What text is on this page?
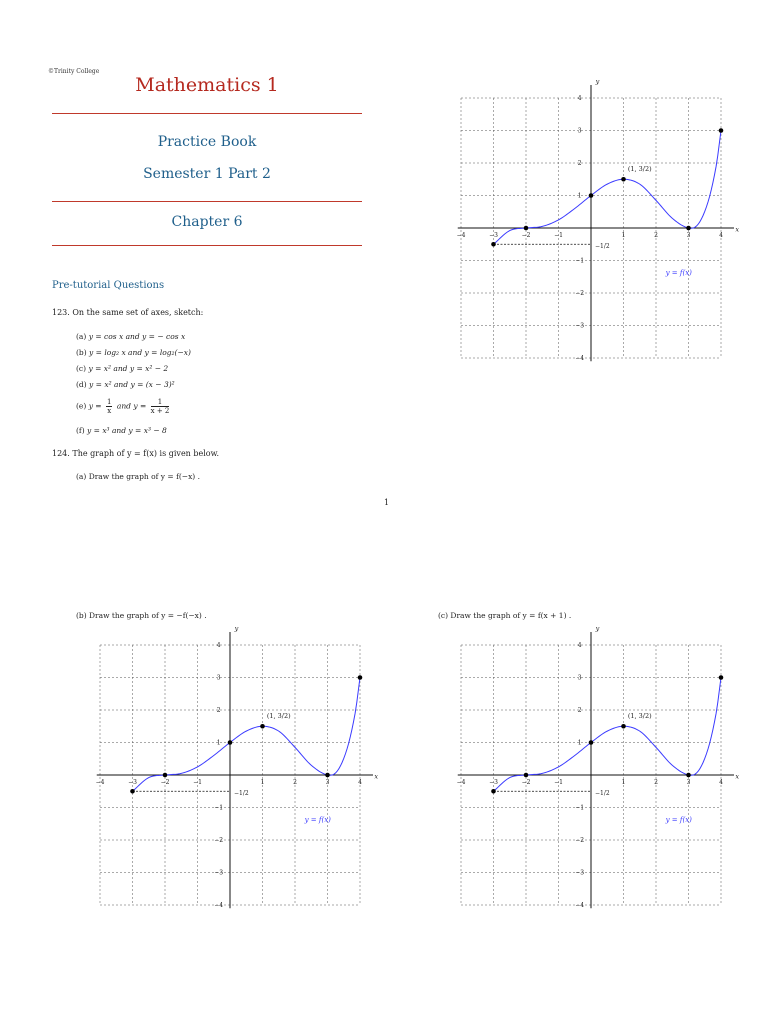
©Trinity College
Mathematics 1
Practice Book
Semester 1 Part 2
Chapter 6
Pre-tutorial Questions
123. On the same set of axes, sketch:
(a) y = cos x and y = − cos x
(b) y = log₂ x and y = log₂(−x)
(c) y = x² and y = x² − 2
(d) y = x² and y = (x − 3)²
(e) $y = \frac{1}{x}$ and $y = \frac{1}{x + 2}$
(f) y = x³ and y = x³ − 8
124. The graph of y = f(x) is given below.
(a) Draw the graph of y = f(−x) .
1
(b) Draw the graph of y = −f(−x) .	(c) Draw the graph of y = f(x + 1) .
x
y
−4	−3	−2	−1	1	2	3	4
4
3
2
1
−1
−2
−3
−4
−1/2
(1, 3/2)
y = f(x)
x
y
−4	−3	−2	−1	1	2	3	4
4
3
2
1
−1
−2
−3
−4
−1/2
(1, 3/2)
y = f(x)
x
y
−4	−3	−2	−1	1	2	3	4
4
3
2
1
−1
−2
−3
−4
−1/2
(1, 3/2)
y = f(x)
